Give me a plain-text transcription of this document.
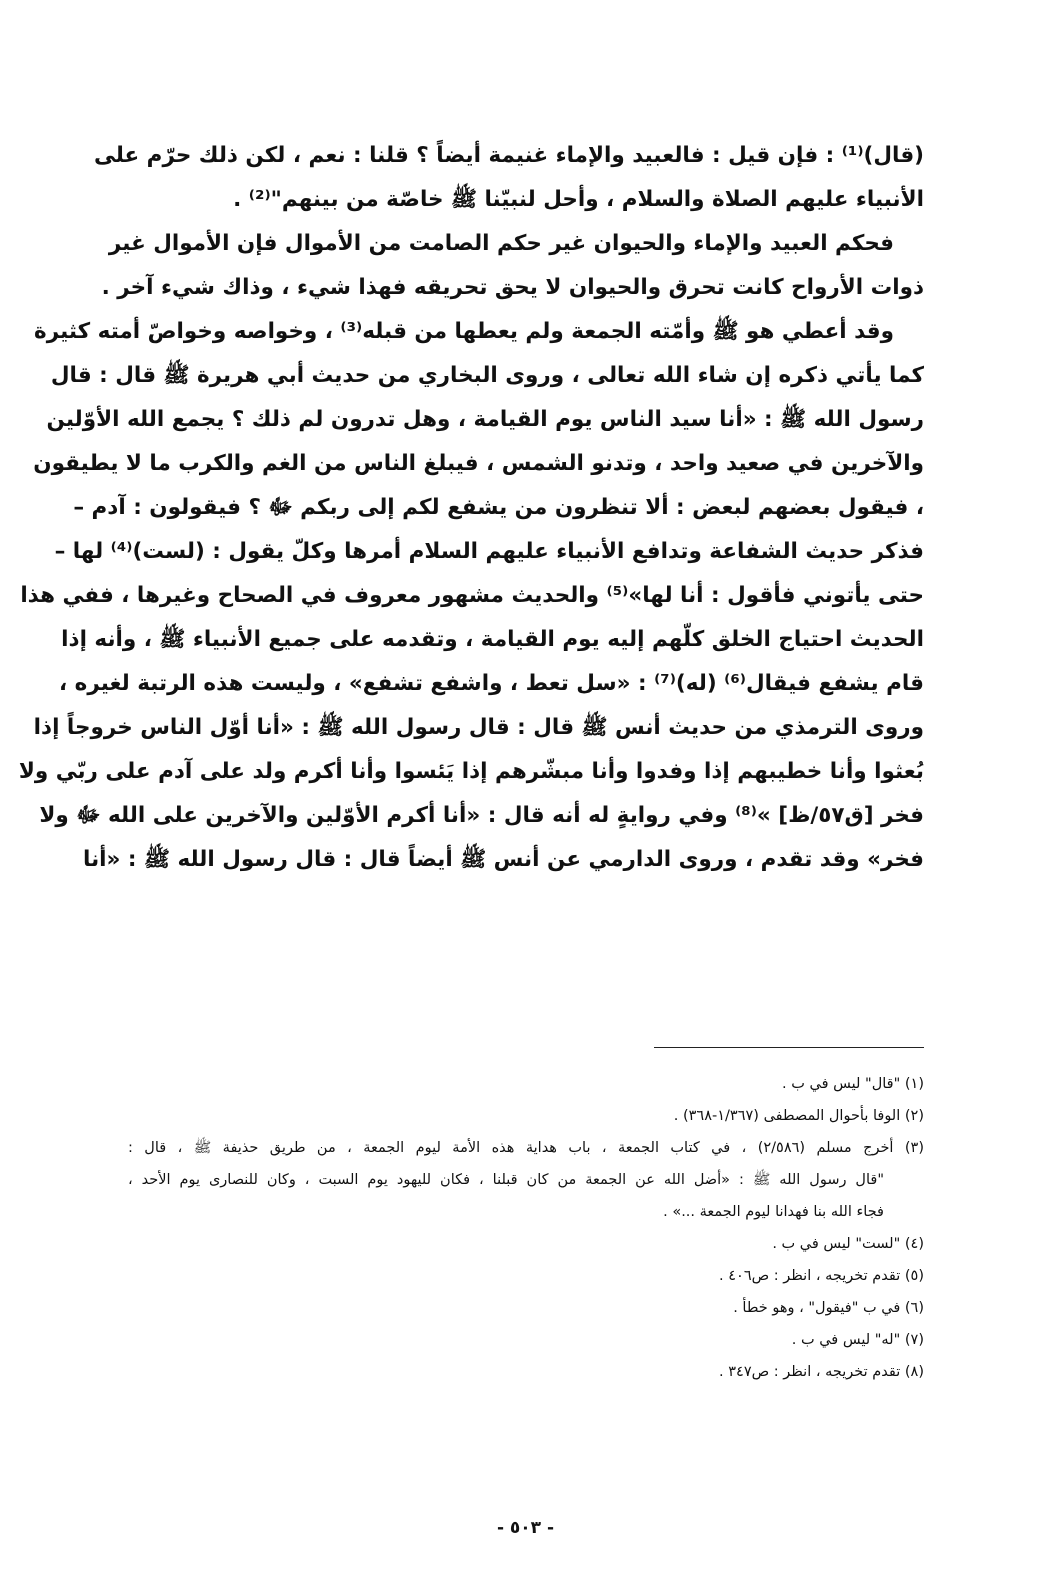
(قال)⁽¹⁾ : فإن قيل : فالعبيد والإماء غنيمة أيضاً ؟ قلنا : نعم ، لكن ذلك حرّم على
الأنبياء عليهم الصلاة والسلام ، وأحل لنبيّنا ﷺ خاصّة من بينهم"⁽²⁾ .
فحكم العبيد والإماء والحيوان غير حكم الصامت من الأموال فإن الأموال غير
ذوات الأرواح كانت تحرق والحيوان لا يحق تحريقه فهذا شيء ، وذاك شيء آخر .
وقد أعطي هو ﷺ وأمّته الجمعة ولم يعطها من قبله⁽³⁾ ، وخواصه وخواصّ أمته كثيرة
كما يأتي ذكره إن شاء الله تعالى ، وروى البخاري من حديث أبي هريرة ﷺ قال : قال
رسول الله ﷺ : «أنا سيد الناس يوم القيامة ، وهل تدرون لم ذلك ؟ يجمع الله الأوّلين
والآخرين في صعيد واحد ، وتدنو الشمس ، فيبلغ الناس من الغم والكرب ما لا يطيقون
، فيقول بعضهم لبعض : ألا تنظرون من يشفع لكم إلى ربكم ﷻ ؟ فيقولون : آدم –
فذكر حديث الشفاعة وتدافع الأنبياء عليهم السلام أمرها وكلّ يقول : (لست)⁽⁴⁾ لها –
حتى يأتوني فأقول : أنا لها»⁽⁵⁾ والحديث مشهور معروف في الصحاح وغيرها ، ففي هذا
الحديث احتياج الخلق كلّهم إليه يوم القيامة ، وتقدمه على جميع الأنبياء ﷺ ، وأنه إذا
قام يشفع فيقال⁽⁶⁾ (له)⁽⁷⁾ : «سل تعط ، واشفع تشفع» ، وليست هذه الرتبة لغيره ،
وروى الترمذي من حديث أنس ﷺ قال : قال رسول الله ﷺ : «أنا أوّل الناس خروجاً إذا
بُعثوا وأنا خطيبهم إذا وفدوا وأنا مبشّرهم إذا يَئسوا وأنا أكرم ولد على آدم على ربّي ولا
فخر [ق٥٧/ظ] »⁽⁸⁾ وفي روايةٍ له أنه قال : «أنا أكرم الأوّلين والآخرين على الله ﷻ ولا
فخر» وقد تقدم ، وروى الدارمي عن أنس ﷺ أيضاً قال : قال رسول الله ﷺ : «أنا
(١) "قال" ليس في ب .
(٢) الوفا بأحوال المصطفى (١/٣٦٧-٣٦٨) .
(٣) أخرج مسلم (٢/٥٨٦) ، في كتاب الجمعة ، باب هداية هذه الأمة ليوم الجمعة ، من طريق حذيفة ﷺ ، قال :
"قال رسول الله ﷺ : «أضل الله عن الجمعة من كان قبلنا ، فكان لليهود يوم السبت ، وكان للنصارى يوم الأحد ،
فجاء الله بنا فهدانا ليوم الجمعة ...» .
(٤) "لست" ليس في ب .
(٥) تقدم تخريجه ، انظر : ص٤٠٦ .
(٦) في ب "فيقول" ، وهو خطأ .
(٧) "له" ليس في ب .
(٨) تقدم تخريجه ، انظر : ص٣٤٧ .
- ٥٠٣ -
